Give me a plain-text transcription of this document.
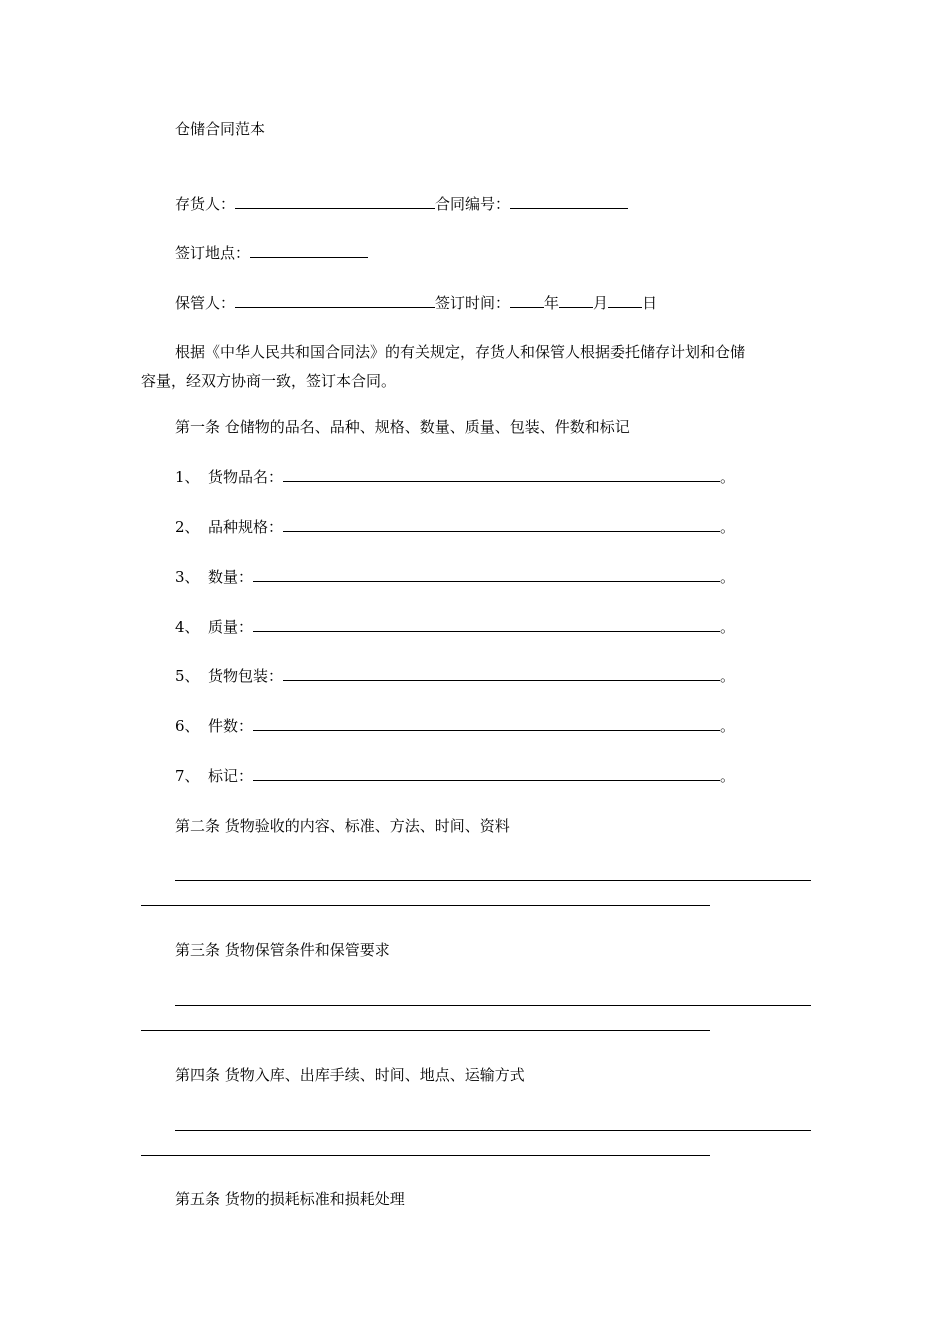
仓储合同范本
存货人：	合同编号：
签订地点：
保管人：	签订时间： 年 月 日
根据《中华人民共和国合同法》的有关规定，存货人和保管人根据委托储存计划和仓储
容量，经双方协商一致，签订本合同。
第一条 仓储物的品名、品种、规格、数量、质量、包装、件数和标记
1、 货物品名：	。
2、 品种规格：	。
3、 数量：	。
4、 质量：	。
5、 货物包装：	。
6、 件数：	。
7、 标记：	。
第二条 货物验收的内容、标准、方法、时间、资料
第三条 货物保管条件和保管要求
第四条 货物入库、出库手续、时间、地点、运输方式
第五条 货物的损耗标准和损耗处理
